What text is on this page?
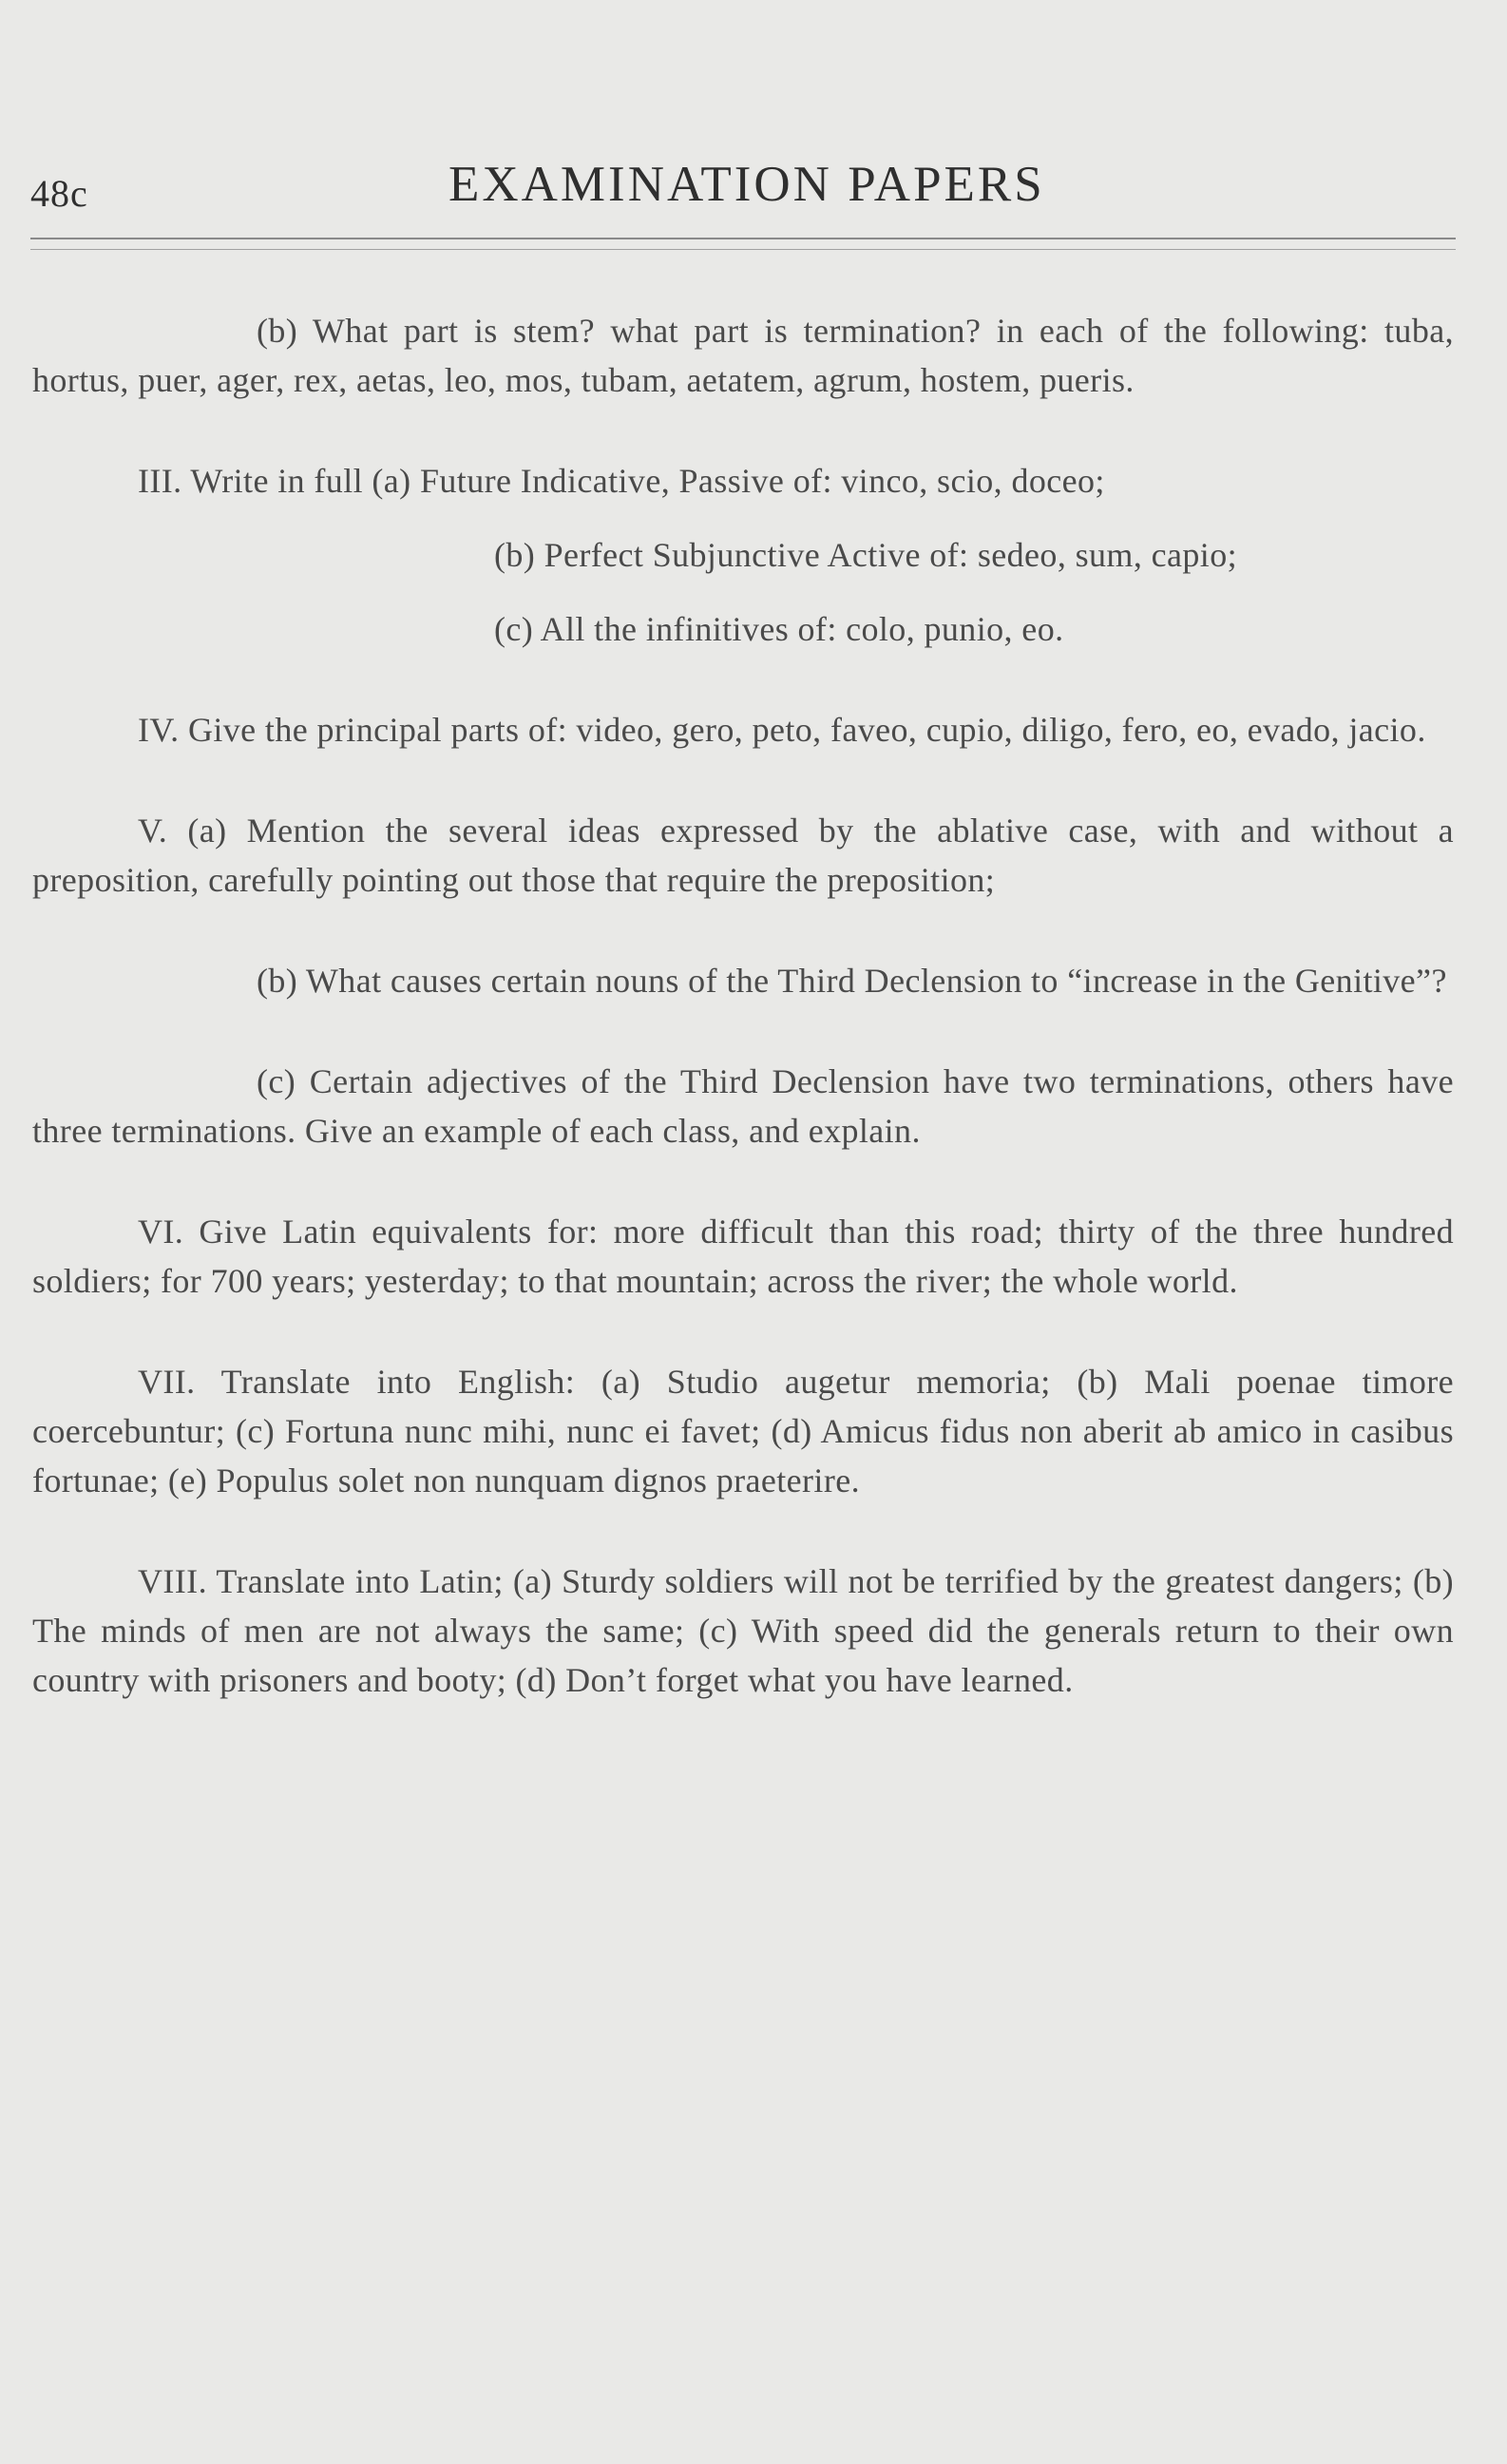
48c	EXAMINATION PAPERS

(b) What part is stem? what part is termination? in each of the following: tuba, hortus, puer, ager, rex, aetas, leo, mos, tubam, aetatem, agrum, hostem, pueris.

III. Write in full (a) Future Indicative, Passive of: vinco, scio, doceo;

(b) Perfect Subjunctive Active of: sedeo, sum, capio;

(c) All the infinitives of: colo, punio, eo.

IV. Give the principal parts of: video, gero, peto, faveo, cupio, diligo, fero, eo, evado, jacio.

V. (a) Mention the several ideas expressed by the ablative case, with and without a preposition, carefully pointing out those that require the preposition;

(b) What causes certain nouns of the Third Declension to “increase in the Genitive”?

(c) Certain adjectives of the Third Declension have two terminations, others have three terminations. Give an example of each class, and explain.

VI. Give Latin equivalents for: more difficult than this road; thirty of the three hundred soldiers; for 700 years; yesterday; to that mountain; across the river; the whole world.

VII. Translate into English: (a) Studio augetur memoria; (b) Mali poenae timore coercebuntur; (c) Fortuna nunc mihi, nunc ei favet; (d) Amicus fidus non aberit ab amico in casibus fortunae; (e) Populus solet non nunquam dignos praeterire.

VIII. Translate into Latin; (a) Sturdy soldiers will not be terrified by the greatest dangers; (b) The minds of men are not always the same; (c) With speed did the generals return to their own country with prisoners and booty; (d) Don’t forget what you have learned.
